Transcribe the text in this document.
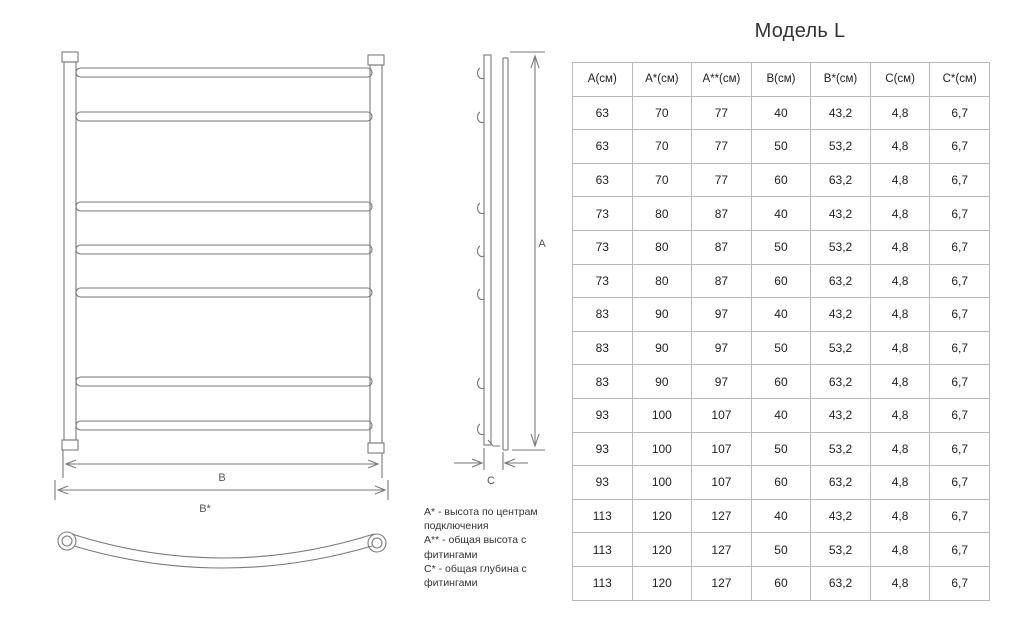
B
B*
A
C
Модель L
A* - высота по центрам подключения
A** - общая высота с фитингами
C* - общая глубина с фитингами
A(см)	A*(см)	A**(см)	B(см)	B*(см)	C(см)	C*(см)
63	70	77	40	43,2	4,8	6,7
63	70	77	50	53,2	4,8	6,7
63	70	77	60	63,2	4,8	6,7
73	80	87	40	43,2	4,8	6,7
73	80	87	50	53,2	4,8	6,7
73	80	87	60	63,2	4,8	6,7
83	90	97	40	43,2	4,8	6,7
83	90	97	50	53,2	4,8	6,7
83	90	97	60	63,2	4,8	6,7
93	100	107	40	43,2	4,8	6,7
93	100	107	50	53,2	4,8	6,7
93	100	107	60	63,2	4,8	6,7
113	120	127	40	43,2	4,8	6,7
113	120	127	50	53,2	4,8	6,7
113	120	127	60	63,2	4,8	6,7
